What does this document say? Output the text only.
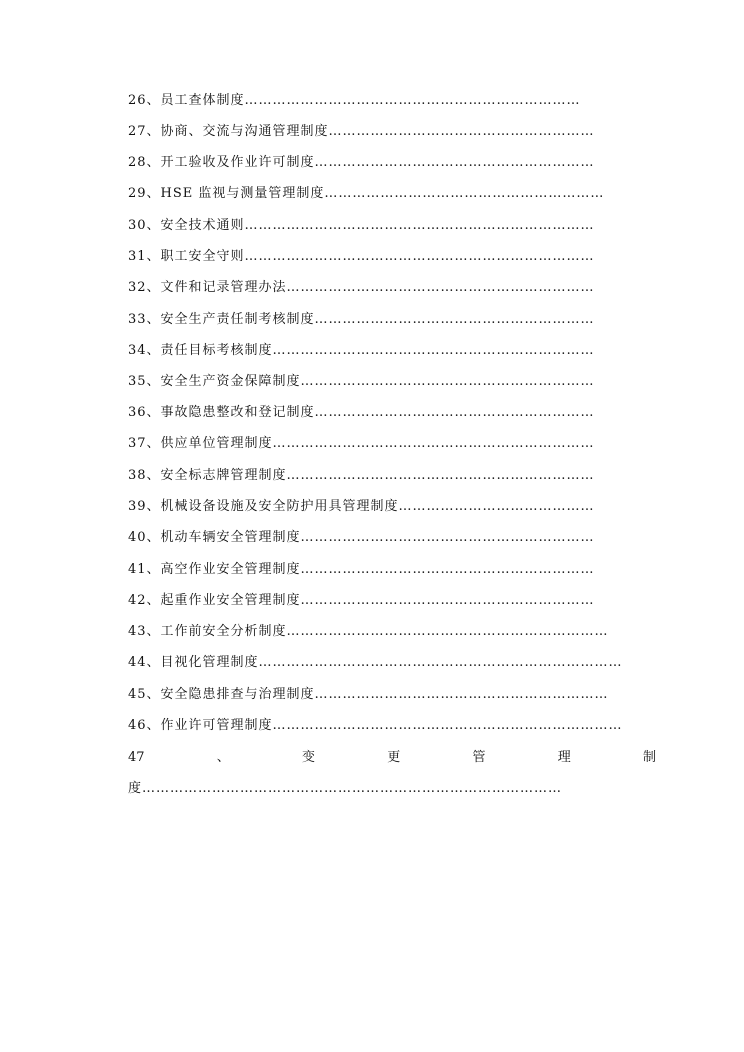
26、员工查体制度………………………………………………………………
27、协商、交流与沟通管理制度…………………………………………………
28、开工验收及作业许可制度……………………………………………………
29、HSE 监视与测量管理制度……………………………………………………
30、安全技术通则…………………………………………………………………
31、职工安全守则…………………………………………………………………
32、文件和记录管理办法…………………………………………………………
33、安全生产责任制考核制度……………………………………………………
34、责任目标考核制度……………………………………………………………
35、安全生产资金保障制度………………………………………………………
36、事故隐患整改和登记制度……………………………………………………
37、供应单位管理制度……………………………………………………………
38、安全标志牌管理制度…………………………………………………………
39、机械设备设施及安全防护用具管理制度……………………………………
40、机动车辆安全管理制度………………………………………………………
41、高空作业安全管理制度………………………………………………………
42、起重作业安全管理制度………………………………………………………
43、工作前安全分析制度……………………………………………………………
44、目视化管理制度……………………………………………………………………
45、安全隐患排查与治理制度………………………………………………………
46、作业许可管理制度…………………………………………………………………
47	、	变	更	管	理	制
度………………………………………………………………………………
